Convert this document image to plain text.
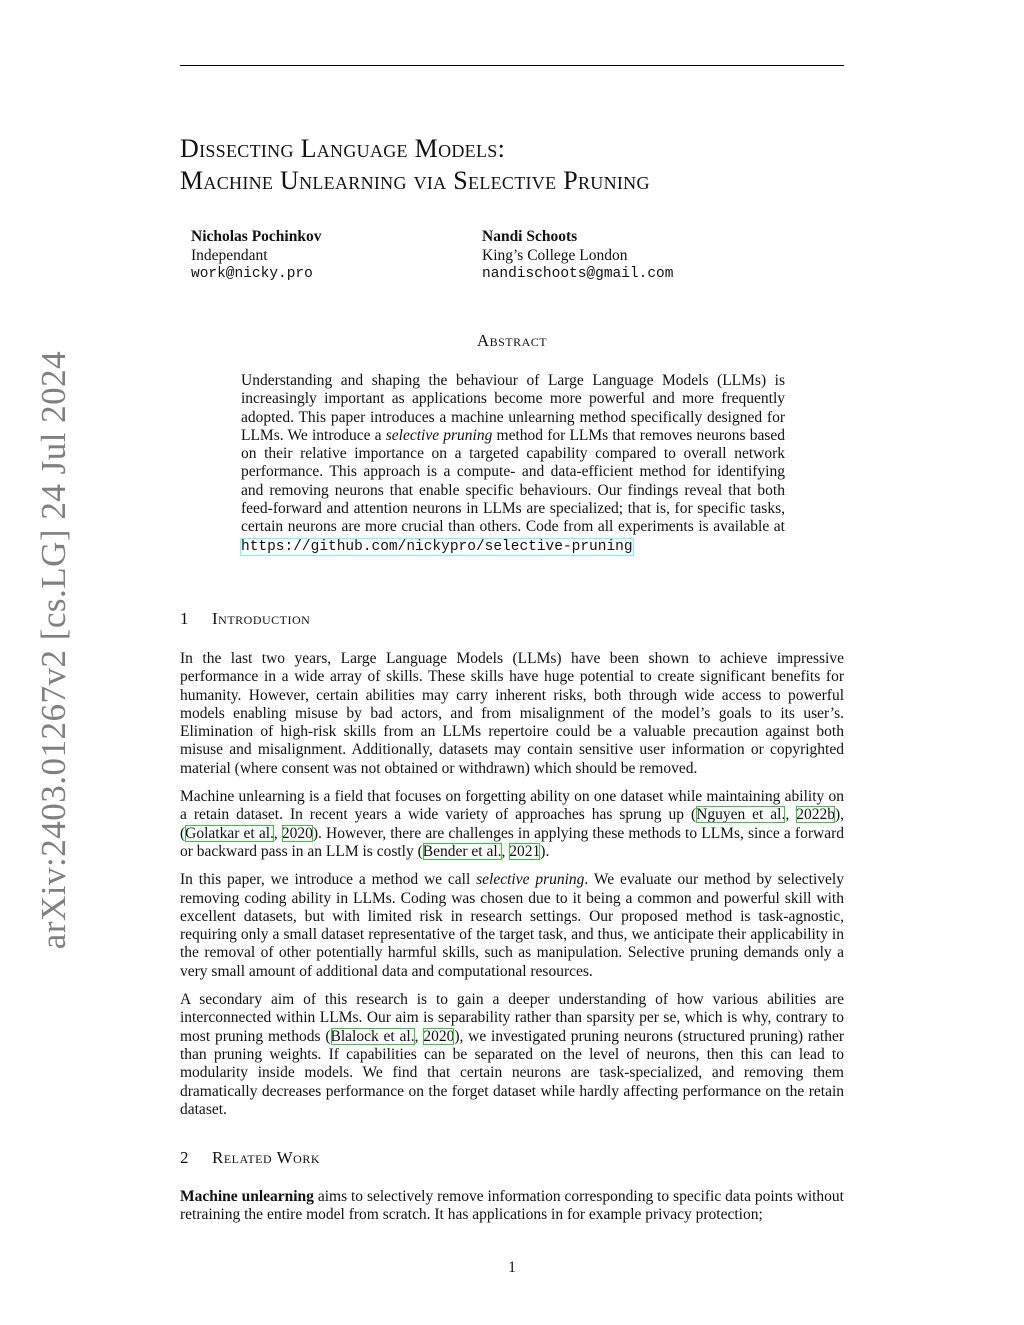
arXiv:2403.01267v2 [cs.LG] 24 Jul 2024
Dissecting Language Models:
Machine Unlearning via Selective Pruning
Nicholas Pochinkov
Independant
work@nicky.pro
Nandi Schoots
King’s College London
nandischoots@gmail.com
Abstract
Understanding and shaping the behaviour of Large Language Models (LLMs) is increasingly important as applications become more powerful and more frequently adopted. This paper introduces a machine unlearning method specifically designed for LLMs. We introduce a selective pruning method for LLMs that removes neurons based on their relative importance on a targeted capability compared to overall network performance. This approach is a compute- and data-efficient method for identifying and removing neurons that enable specific behaviours. Our findings reveal that both feed-forward and attention neurons in LLMs are specialized; that is, for specific tasks, certain neurons are more crucial than others. Code from all experiments is available at https://github.com/nickypro/selective-pruning
1 Introduction

In the last two years, Large Language Models (LLMs) have been shown to achieve impressive performance in a wide array of skills. These skills have huge potential to create significant benefits for humanity. However, certain abilities may carry inherent risks, both through wide access to powerful models enabling misuse by bad actors, and from misalignment of the model’s goals to its user’s. Elimination of high-risk skills from an LLMs repertoire could be a valuable precaution against both misuse and misalignment. Additionally, datasets may contain sensitive user information or copyrighted material (where consent was not obtained or withdrawn) which should be removed.

Machine unlearning is a field that focuses on forgetting ability on one dataset while maintaining ability on a retain dataset. In recent years a wide variety of approaches has sprung up (Nguyen et al., 2022b), (Golatkar et al., 2020). However, there are challenges in applying these methods to LLMs, since a forward or backward pass in an LLM is costly (Bender et al., 2021).

In this paper, we introduce a method we call selective pruning. We evaluate our method by selectively removing coding ability in LLMs. Coding was chosen due to it being a common and powerful skill with excellent datasets, but with limited risk in research settings. Our proposed method is task-agnostic, requiring only a small dataset representative of the target task, and thus, we anticipate their applicability in the removal of other potentially harmful skills, such as manipulation. Selective pruning demands only a very small amount of additional data and computational resources.

A secondary aim of this research is to gain a deeper understanding of how various abilities are interconnected within LLMs. Our aim is separability rather than sparsity per se, which is why, contrary to most pruning methods (Blalock et al., 2020), we investigated pruning neurons (structured pruning) rather than pruning weights. If capabilities can be separated on the level of neurons, then this can lead to modularity inside models. We find that certain neurons are task-specialized, and removing them dramatically decreases performance on the forget dataset while hardly affecting performance on the retain dataset.

2 Related Work

Machine unlearning aims to selectively remove information corresponding to specific data points without retraining the entire model from scratch. It has applications in for example privacy protection;

1
